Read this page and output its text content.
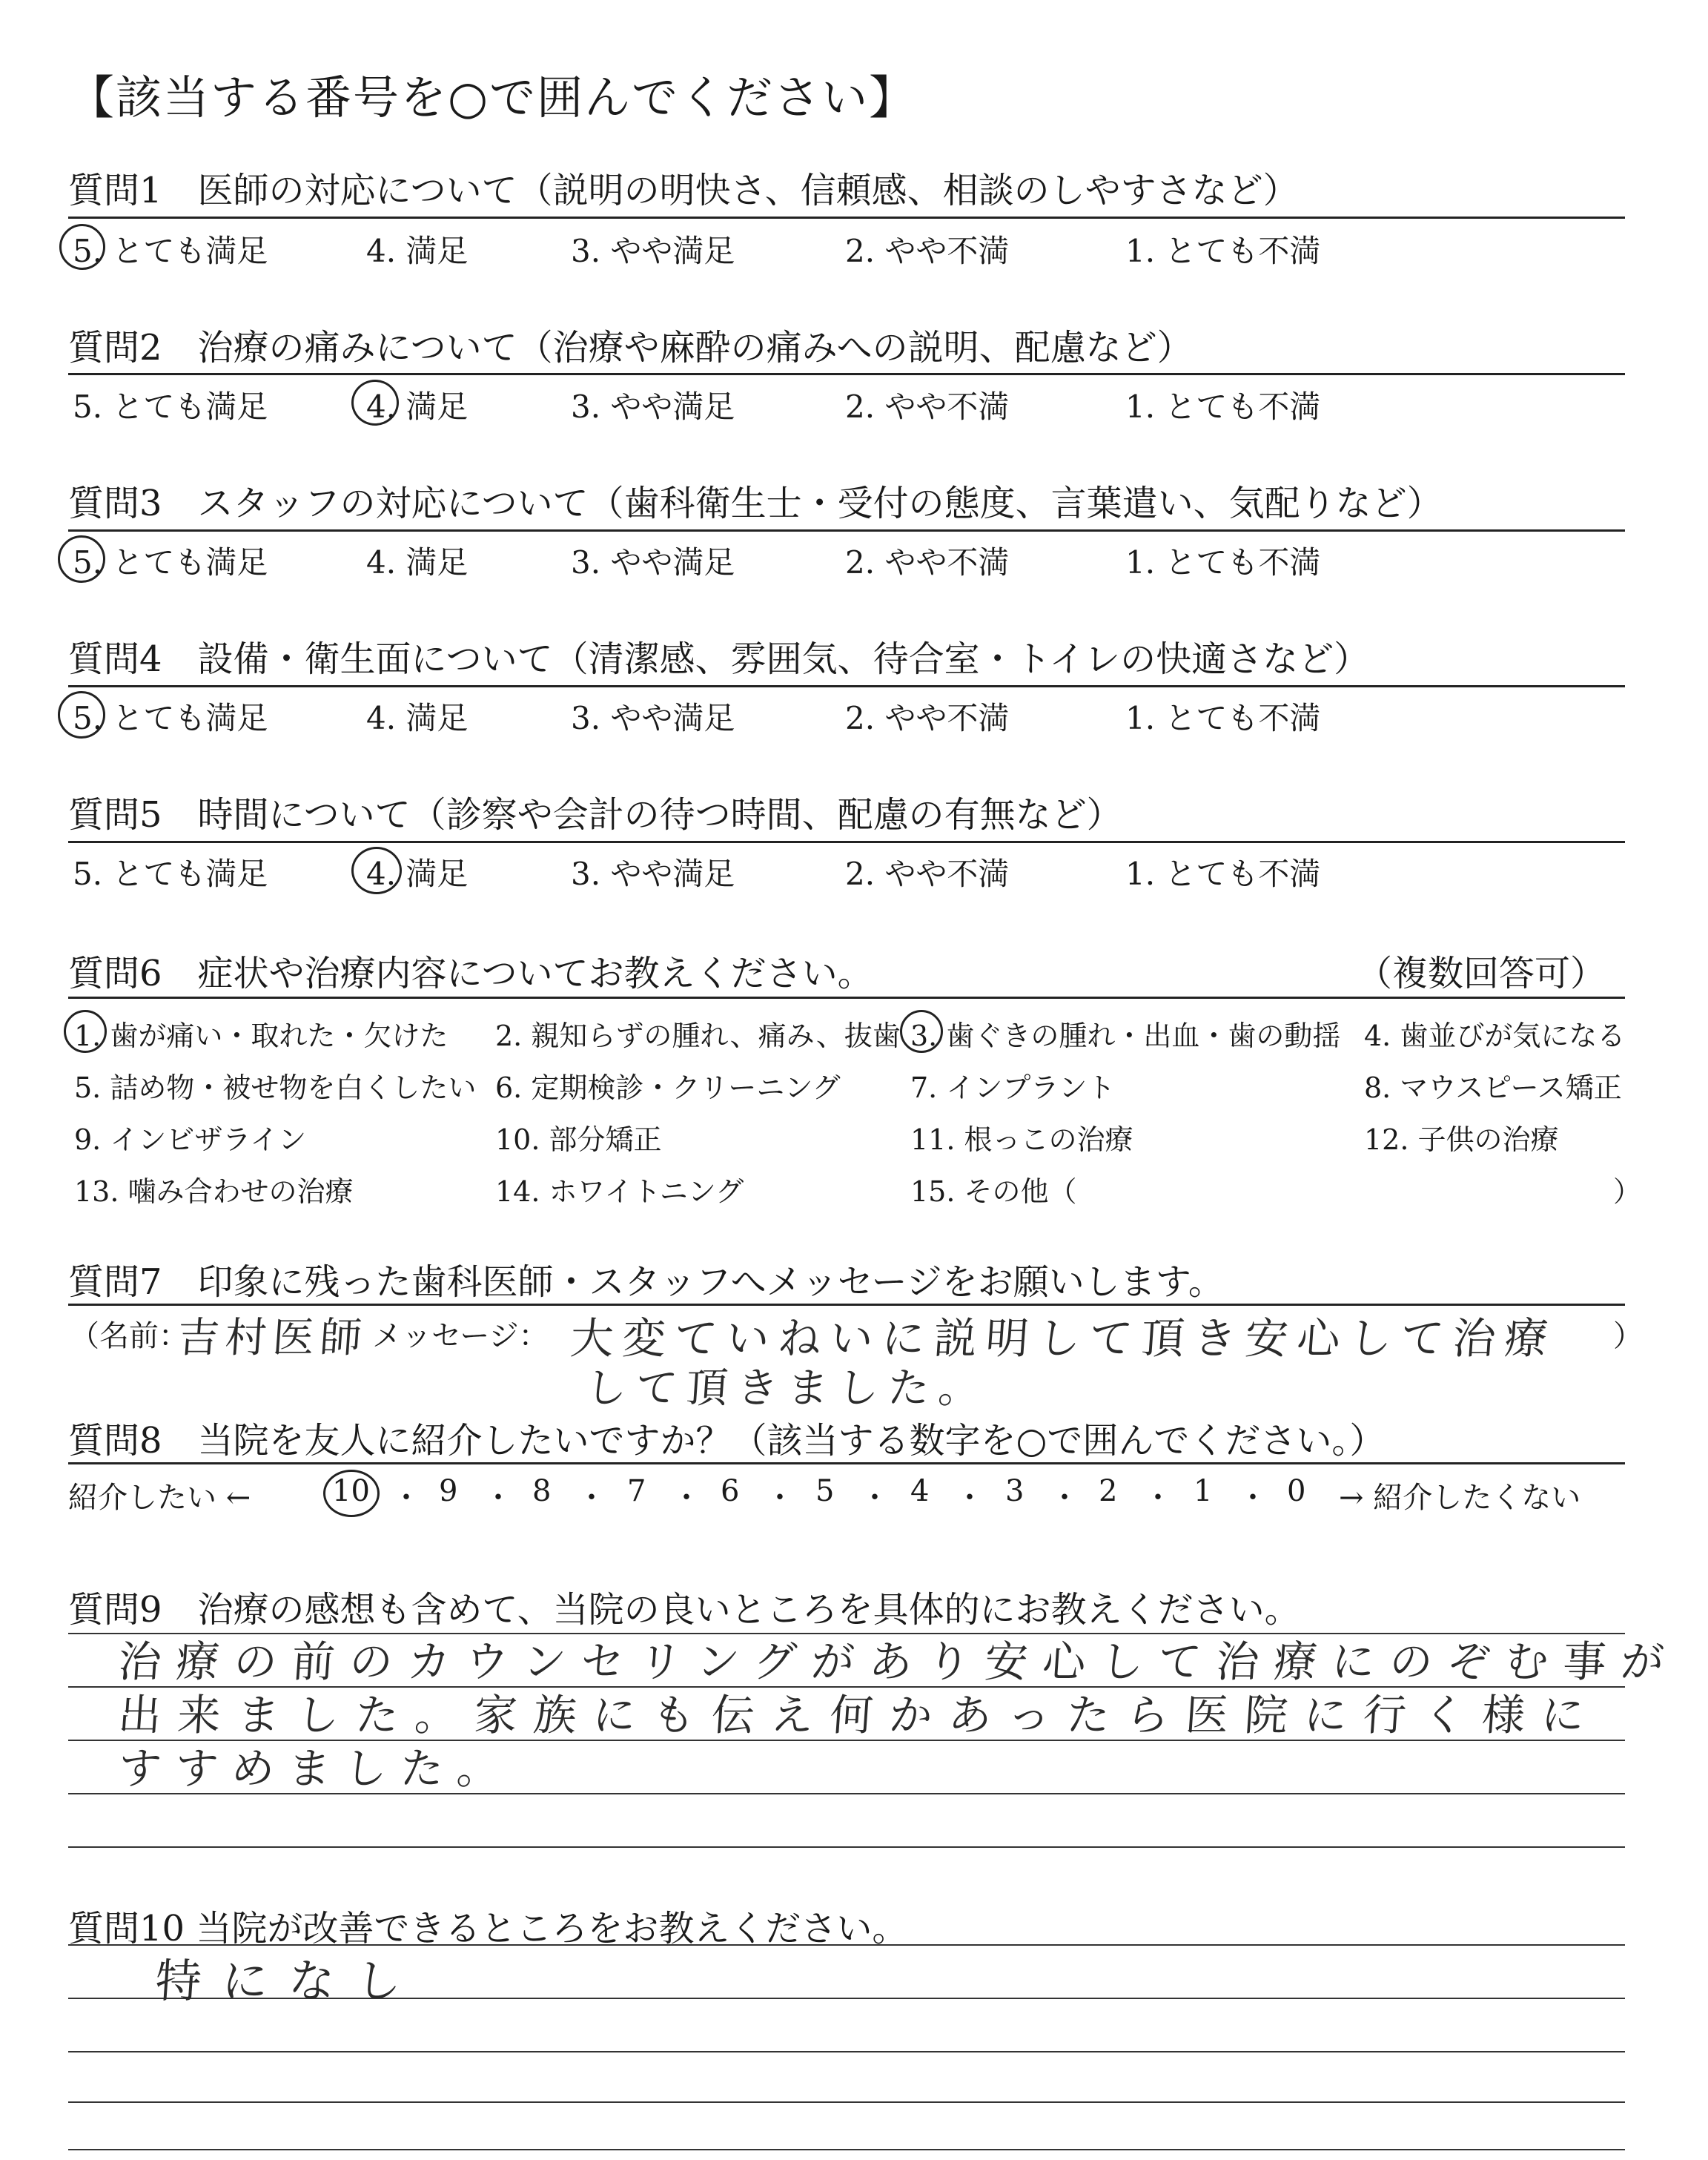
【該当する番号を○で囲んでください】
質問1　医師の対応について（説明の明快さ、信頼感、相談のしやすさなど）
5. とても満足	4. 満足	3. やや満足	2. やや不満	1. とても不満
質問2　治療の痛みについて（治療や麻酔の痛みへの説明、配慮など）
5. とても満足	4. 満足	3. やや満足	2. やや不満	1. とても不満
質問3　スタッフの対応について（歯科衛生士・受付の態度、言葉遣い、気配りなど）
5. とても満足	4. 満足	3. やや満足	2. やや不満	1. とても不満
質問4　設備・衛生面について（清潔感、雰囲気、待合室・トイレの快適さなど）
5. とても満足	4. 満足	3. やや満足	2. やや不満	1. とても不満
質問5　時間について（診察や会計の待つ時間、配慮の有無など）
5. とても満足	4. 満足	3. やや満足	2. やや不満	1. とても不満
質問6　症状や治療内容についてお教えください。	（複数回答可）
1. 歯が痛い・取れた・欠けた 2. 親知らずの腫れ、痛み、抜歯 3. 歯ぐきの腫れ・出血・歯の動揺 4. 歯並びが気になる
5. 詰め物・被せ物を白くしたい 6. 定期検診・クリーニング 7. インプラント	8. マウスピース矯正
9. インビザライン	10. 部分矯正	11. 根っこの治療	12. 子供の治療
13. 噛み合わせの治療	14. ホワイトニング	15. その他（	）
質問7　印象に残った歯科医師・スタッフへメッセージをお願いします。
（名前：
吉村医師 メッセージ： 大変ていねいに説明して頂き安心して治療
して頂きました。
）
質問8　当院を友人に紹介したいですか？（該当する数字を○で囲んでください。）
紹介したい ←	10 ・ 9 ・ 8 ・ 7 ・ 6 ・ 5 ・ 4 ・ 3 ・ 2 ・ 1 ・ 0 → 紹介したくない
質問9　治療の感想も含めて、当院の良いところを具体的にお教えください。
治療の前のカウンセリングがあり安心して治療にのぞむ事が
出来ました。家族にも伝え何かあったら医院に行く様に
すすめました。
質問10 当院が改善できるところをお教えください。
特になし
